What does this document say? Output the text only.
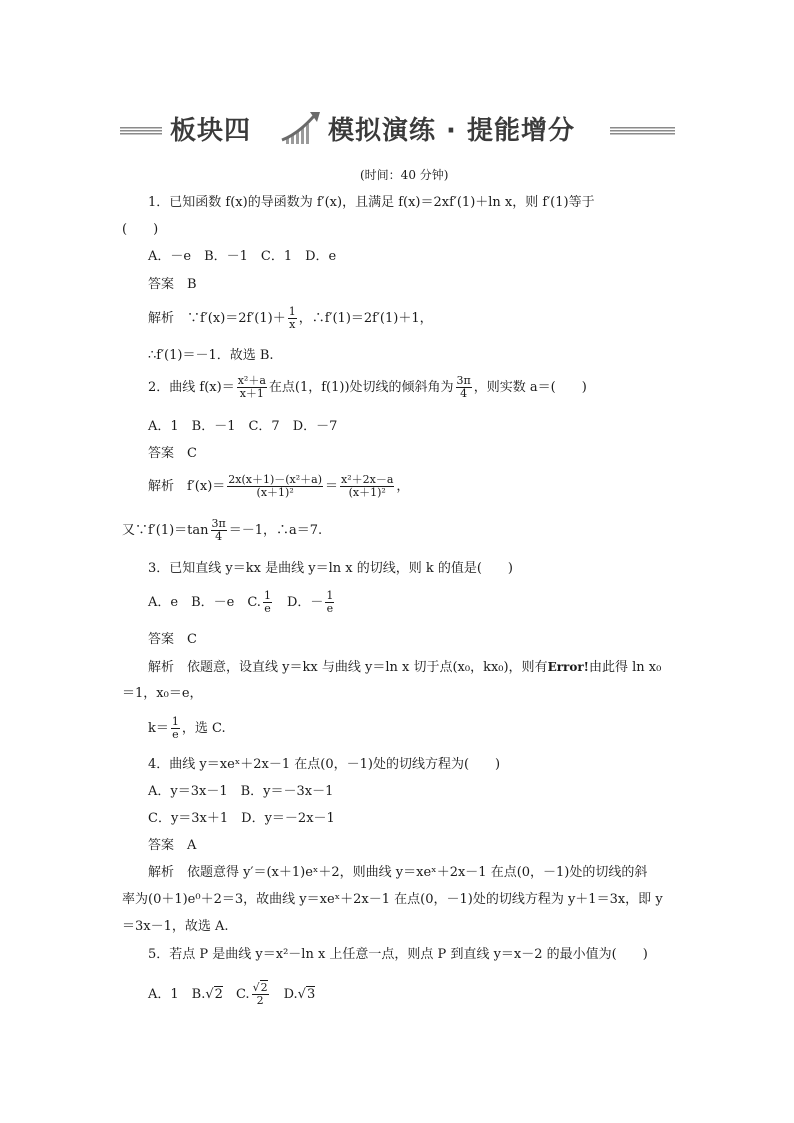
板块四	模拟演练 · 提能增分
(时间：40 分钟)
1．已知函数 f(x)的导函数为 f′(x)，且满足 f(x)＝2xf′(1)＋ln x，则 f′(1)等于
(　　)
A．－e　B．－1　C．1　D．e
答案　 B
解析　 ∵f′(x)＝2f′(1)＋ $\frac{1}{x}$ ，∴f′(1)＝2f′(1)＋1，
∴f′(1)＝－1．故选 B.
2．曲线 $f(x)= \frac{\text{x²＋a}}{x+1}$ 在点(1，f(1))处切线的倾斜角为 $\frac{3\pi}{4}$ ，则实数 a＝(　　)
A．1　B．－1　C．7　D．－7
答案　 C
解析　 $f'(x)= \frac{\text{2x(x＋1)－(x²＋a)}}{\text{(x＋1)²}} = \frac{\text{x²＋2x－a}}{\text{(x＋1)²}}$ ，
又∵f′(1)＝tan $\frac{3\pi}{4} =-1$，∴a＝7.
3．已知直线 y＝kx 是曲线 y＝ln x 的切线，则 k 的值是(　　)
A．e　B．－e　C. $\frac{1}{e}$ 　D．－ $\frac{1}{e}$
答案　 C
解析　 依题意，设直线 y＝kx 与曲线 y＝ln x 切于点(x₀，kx₀)，则有Error!由此得 ln x₀
＝1，x₀＝e，
$k= \frac{1}{e}$ ，选 C.
4．曲线 y＝xeˣ＋2x－1 在点(0，－1)处的切线方程为(　　)
A．y＝3x－1　B．y＝－3x－1
C．y＝3x＋1　D．y＝－2x－1
答案　 A
解析　 依题意得 y′＝(x＋1)eˣ＋2，则曲线 y＝xeˣ＋2x－1 在点(0，－1)处的切线的斜
率为(0＋1)e⁰＋2＝3，故曲线 y＝xeˣ＋2x－1 在点(0，－1)处的切线方程为 y＋1＝3x，即 y
＝3x－1，故选 A.
5．若点 P 是曲线 y＝x²－ln x 上任意一点，则点 P 到直线 y＝x－2 的最小值为(　　)
A．1　B.√2　C. $\frac{√2}{2}$ 　D.√3
